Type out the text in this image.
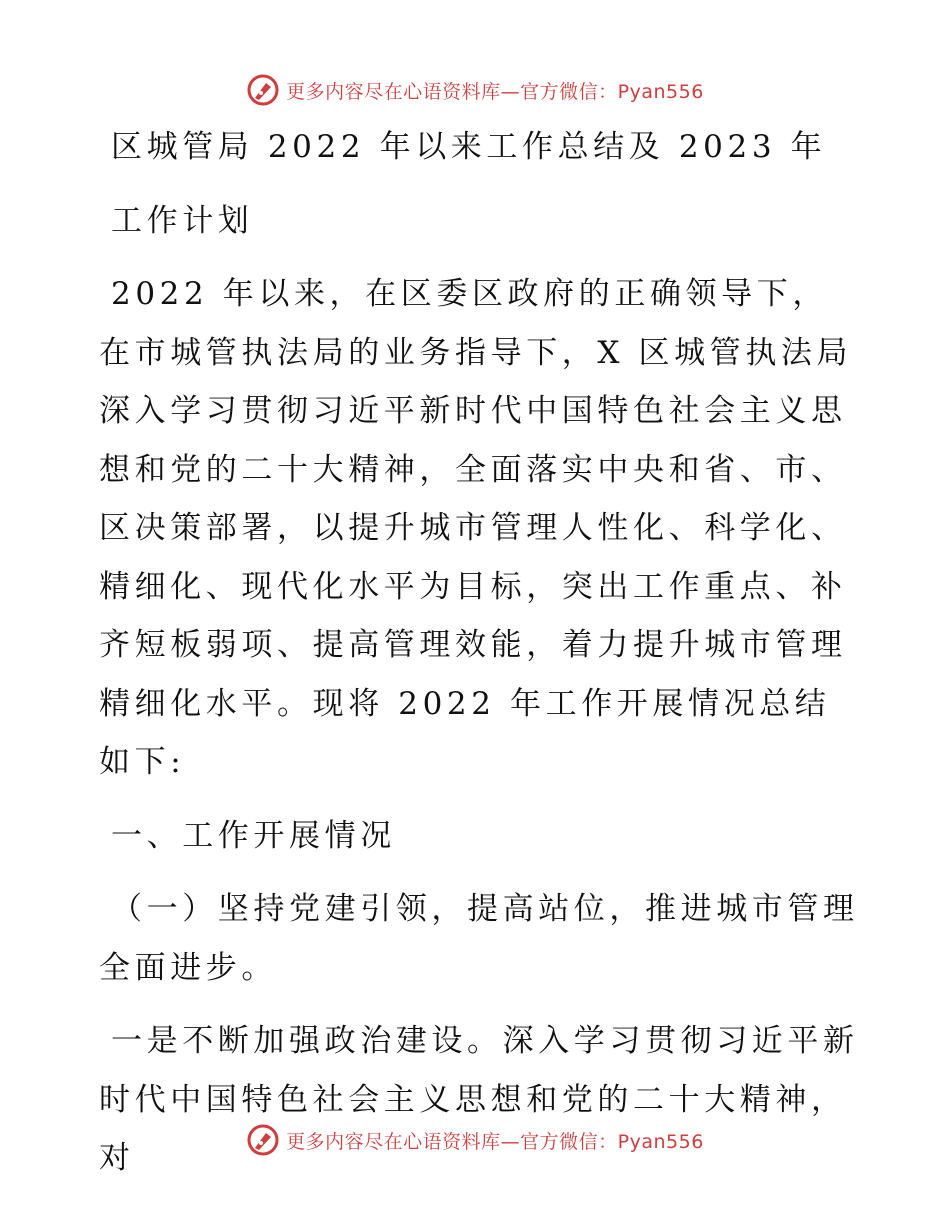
更多内容尽在心语资料库—官方微信：Pyan556

区城管局 2022 年以来工作总结及 2023 年

工作计划

2022 年以来，在区委区政府的正确领导下，在市城管执法局的业务指导下，X 区城管执法局深入学习贯彻习近平新时代中国特色社会主义思想和党的二十大精神，全面落实中央和省、市、区决策部署，以提升城市管理人性化、科学化、精细化、现代化水平为目标，突出工作重点、补齐短板弱项、提高管理效能，着力提升城市管理精细化水平。现将 2022 年工作开展情况总结如下:

一、工作开展情况

（一）坚持党建引领，提高站位，推进城市管理全面进步。

一是不断加强政治建设。深入学习贯彻习近平新时代中国特色社会主义思想和党的二十大精神，对	更多内容尽在心语资料库—官方微信：Pyan556
